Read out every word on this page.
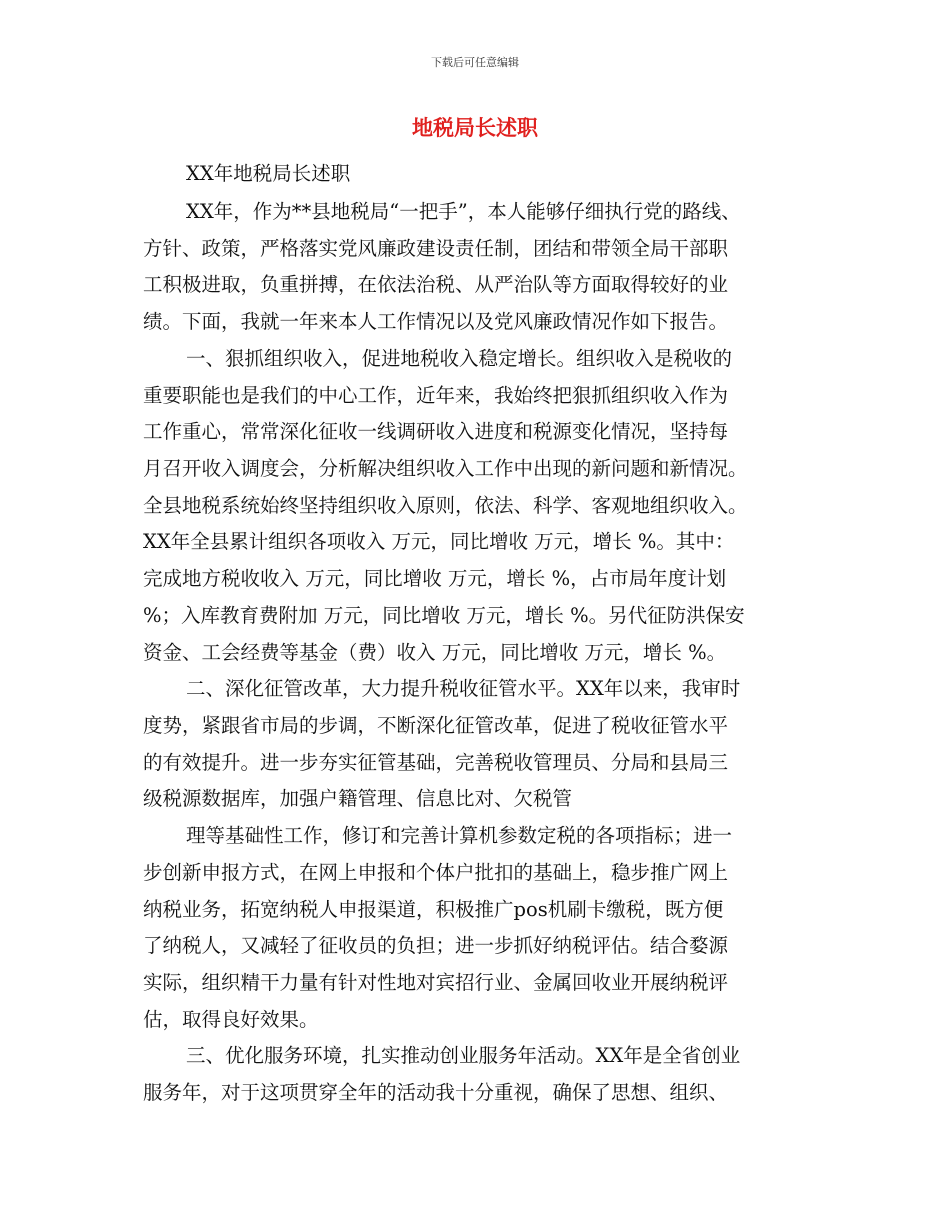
下载后可任意编辑
地税局长述职
XX年地税局长述职
XX年，作为**县地税局“一把手”，本人能够仔细执行党的路线、
方针、政策，严格落实党风廉政建设责任制，团结和带领全局干部职
工积极进取，负重拼搏，在依法治税、从严治队等方面取得较好的业
绩。下面，我就一年来本人工作情况以及党风廉政情况作如下报告。
一、狠抓组织收入，促进地税收入稳定增长。组织收入是税收的
重要职能也是我们的中心工作，近年来，我始终把狠抓组织收入作为
工作重心，常常深化征收一线调研收入进度和税源变化情况，坚持每
月召开收入调度会，分析解决组织收入工作中出现的新问题和新情况。
全县地税系统始终坚持组织收入原则，依法、科学、客观地组织收入。
XX年全县累计组织各项收入 万元，同比增收 万元，增长 %。其中：
完成地方税收收入 万元，同比增收 万元，增长 %，占市局年度计划
%；入库教育费附加 万元，同比增收 万元，增长 %。另代征防洪保安
资金、工会经费等基金（费）收入 万元，同比增收 万元，增长 %。
二、深化征管改革，大力提升税收征管水平。XX年以来，我审时
度势，紧跟省市局的步调，不断深化征管改革，促进了税收征管水平
的有效提升。进一步夯实征管基础，完善税收管理员、分局和县局三
级税源数据库，加强户籍管理、信息比对、欠税管
理等基础性工作，修订和完善计算机参数定税的各项指标；进一
步创新申报方式，在网上申报和个体户批扣的基础上，稳步推广网上
纳税业务，拓宽纳税人申报渠道，积极推广pos机刷卡缴税，既方便
了纳税人，又减轻了征收员的负担；进一步抓好纳税评估。结合婺源
实际，组织精干力量有针对性地对宾招行业、金属回收业开展纳税评
估，取得良好效果。
三、优化服务环境，扎实推动创业服务年活动。XX年是全省创业
服务年，对于这项贯穿全年的活动我十分重视，确保了思想、组织、
